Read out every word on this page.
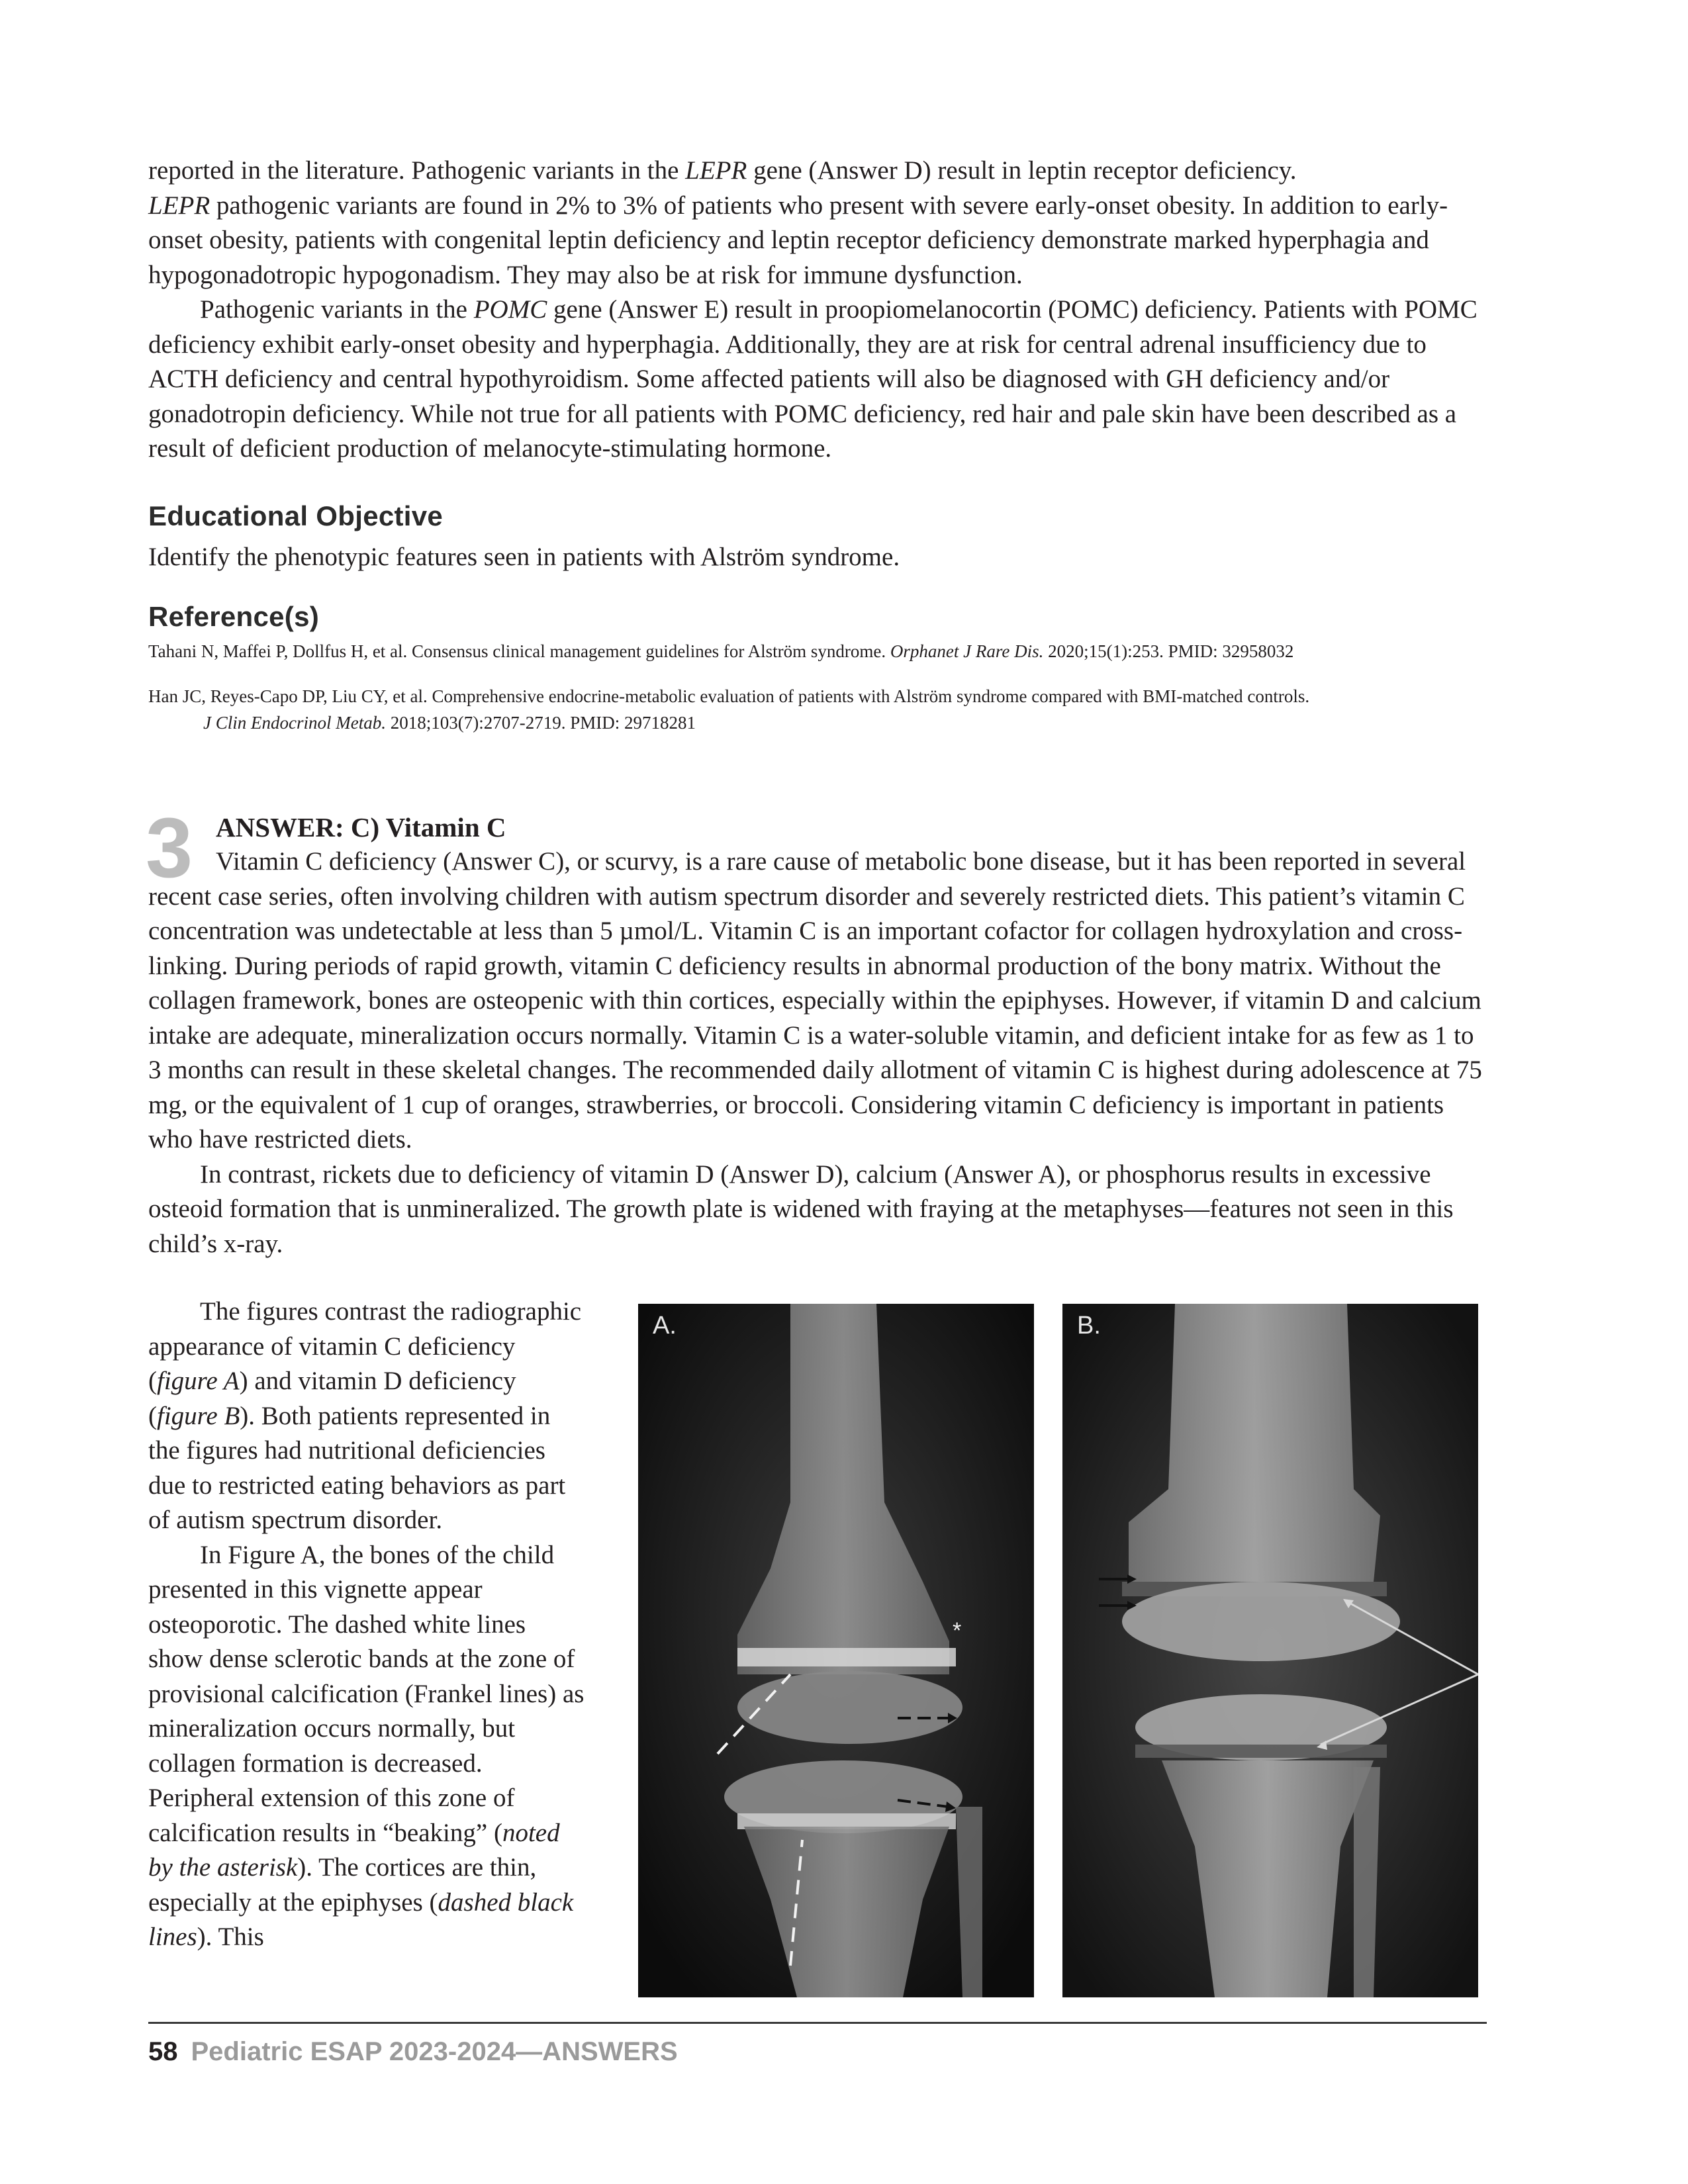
reported in the literature. Pathogenic variants in the LEPR gene (Answer D) result in leptin receptor deficiency.
LEPR pathogenic variants are found in 2% to 3% of patients who present with severe early-onset obesity. In addition to early-onset obesity, patients with congenital leptin deficiency and leptin receptor deficiency demonstrate marked hyperphagia and hypogonadotropic hypogonadism. They may also be at risk for immune dysfunction.

Pathogenic variants in the POMC gene (Answer E) result in proopiomelanocortin (POMC) deficiency. Patients with POMC deficiency exhibit early-onset obesity and hyperphagia. Additionally, they are at risk for central adrenal insufficiency due to ACTH deficiency and central hypothyroidism. Some affected patients will also be diagnosed with GH deficiency and/or gonadotropin deficiency. While not true for all patients with POMC deficiency, red hair and pale skin have been described as a result of deficient production of melanocyte-stimulating hormone.

Educational Objective
Identify the phenotypic features seen in patients with Alström syndrome.
Reference(s)
Tahani N, Maffei P, Dollfus H, et al. Consensus clinical management guidelines for Alström syndrome. Orphanet J Rare Dis. 2020;15(1):253. PMID: 32958032
Han JC, Reyes-Capo DP, Liu CY, et al. Comprehensive endocrine-metabolic evaluation of patients with Alström syndrome compared with BMI-matched controls.
J Clin Endocrinol Metab. 2018;103(7):2707-2719. PMID: 29718281
3 ANSWER: C) Vitamin C

Vitamin C deficiency (Answer C), or scurvy, is a rare cause of metabolic bone disease, but it has been reported in several recent case series, often involving children with autism spectrum disorder and severely restricted diets. This patient’s vitamin C concentration was undetectable at less than 5 µmol/L. Vitamin C is an important cofactor for collagen hydroxylation and cross-linking. During periods of rapid growth, vitamin C deficiency results in abnormal production of the bony matrix. Without the collagen framework, bones are osteopenic with thin cortices, especially within the epiphyses. However, if vitamin D and calcium intake are adequate, mineralization occurs normally. Vitamin C is a water-soluble vitamin, and deficient intake for as few as 1 to 3 months can result in these skeletal changes. The recommended daily allotment of vitamin C is highest during adolescence at 75 mg, or the equivalent of 1 cup of oranges, strawberries, or broccoli. Considering vitamin C deficiency is important in patients who have restricted diets.

In contrast, rickets due to deficiency of vitamin D (Answer D), calcium (Answer A), or phosphorus results in excessive osteoid formation that is unmineralized. The growth plate is widened with fraying at the metaphyses—features not seen in this child’s x-ray.

The figures contrast the radiographic appearance of vitamin C deficiency (figure A) and vitamin D deficiency (figure B). Both patients represented in the figures had nutritional deficiencies due to restricted eating behaviors as part of autism spectrum disorder.

In Figure A, the bones of the child presented in this vignette appear osteoporotic. The dashed white lines show dense sclerotic bands at the zone of provisional calcification (Frankel lines) as mineralization occurs normally, but collagen formation is decreased. Peripheral extension of this zone of calcification results in “beaking” (noted by the asterisk). The cortices are thin, especially at the epiphyses (dashed black lines). This

*
A.	B.
58 Pediatric ESAP 2023-2024—ANSWERS
